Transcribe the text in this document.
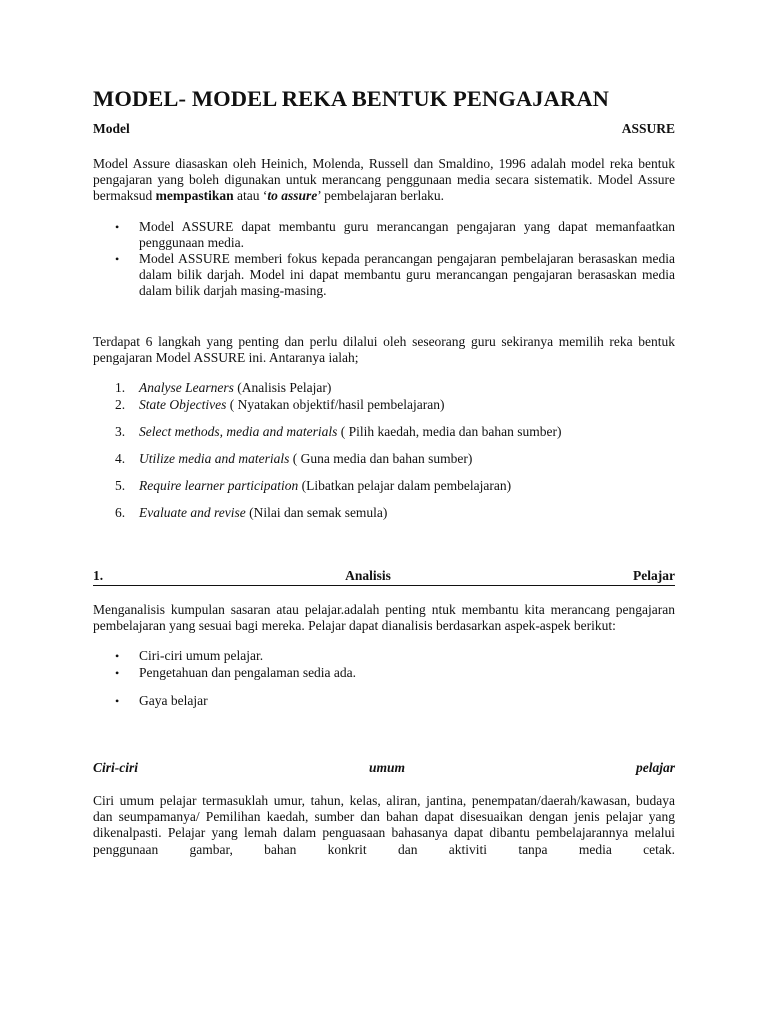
MODEL- MODEL REKA BENTUK PENGAJARAN
Model	ASSURE

Model Assure diasaskan oleh Heinich, Molenda, Russell dan Smaldino, 1996 adalah model reka bentuk pengajaran yang boleh digunakan untuk merancang penggunaan media secara sistematik. Model Assure bermaksud mempastikan atau ‘to assure’ pembelajaran berlaku.

• Model ASSURE dapat membantu guru merancangan pengajaran yang dapat memanfaatkan penggunaan media.
• Model ASSURE memberi fokus kepada perancangan pengajaran pembelajaran berasaskan media dalam bilik darjah. Model ini dapat membantu guru merancangan pengajaran berasaskan media dalam bilik darjah masing-masing.

Terdapat 6 langkah yang penting dan perlu dilalui oleh seseorang guru sekiranya memilih reka bentuk pengajaran Model ASSURE ini. Antaranya ialah;

1. Analyse Learners (Analisis Pelajar)
2. State Objectives ( Nyatakan objektif/hasil pembelajaran)
3. Select methods, media and materials ( Pilih kaedah, media dan bahan sumber)
4. Utilize media and materials ( Guna media dan bahan sumber)
5. Require learner participation (Libatkan pelajar dalam pembelajaran)
6. Evaluate and revise (Nilai dan semak semula)
1.	Analisis	Pelajar

Menganalisis kumpulan sasaran atau pelajar.adalah penting ntuk membantu kita merancang pengajaran pembelajaran yang sesuai bagi mereka. Pelajar dapat dianalisis berdasarkan aspek-aspek berikut:

• Ciri-ciri umum pelajar.
• Pengetahuan dan pengalaman sedia ada.
• Gaya belajar
Ciri-ciri	umum	pelajar

Ciri umum pelajar termasuklah umur, tahun, kelas, aliran, jantina, penempatan/daerah/kawasan, budaya dan seumpamanya/ Pemilihan kaedah, sumber dan bahan dapat disesuaikan dengan jenis pelajar yang dikenalpasti. Pelajar yang lemah dalam penguasaan bahasanya dapat dibantu pembelajarannya melalui penggunaan gambar, bahan konkrit dan aktiviti tanpa media cetak.
